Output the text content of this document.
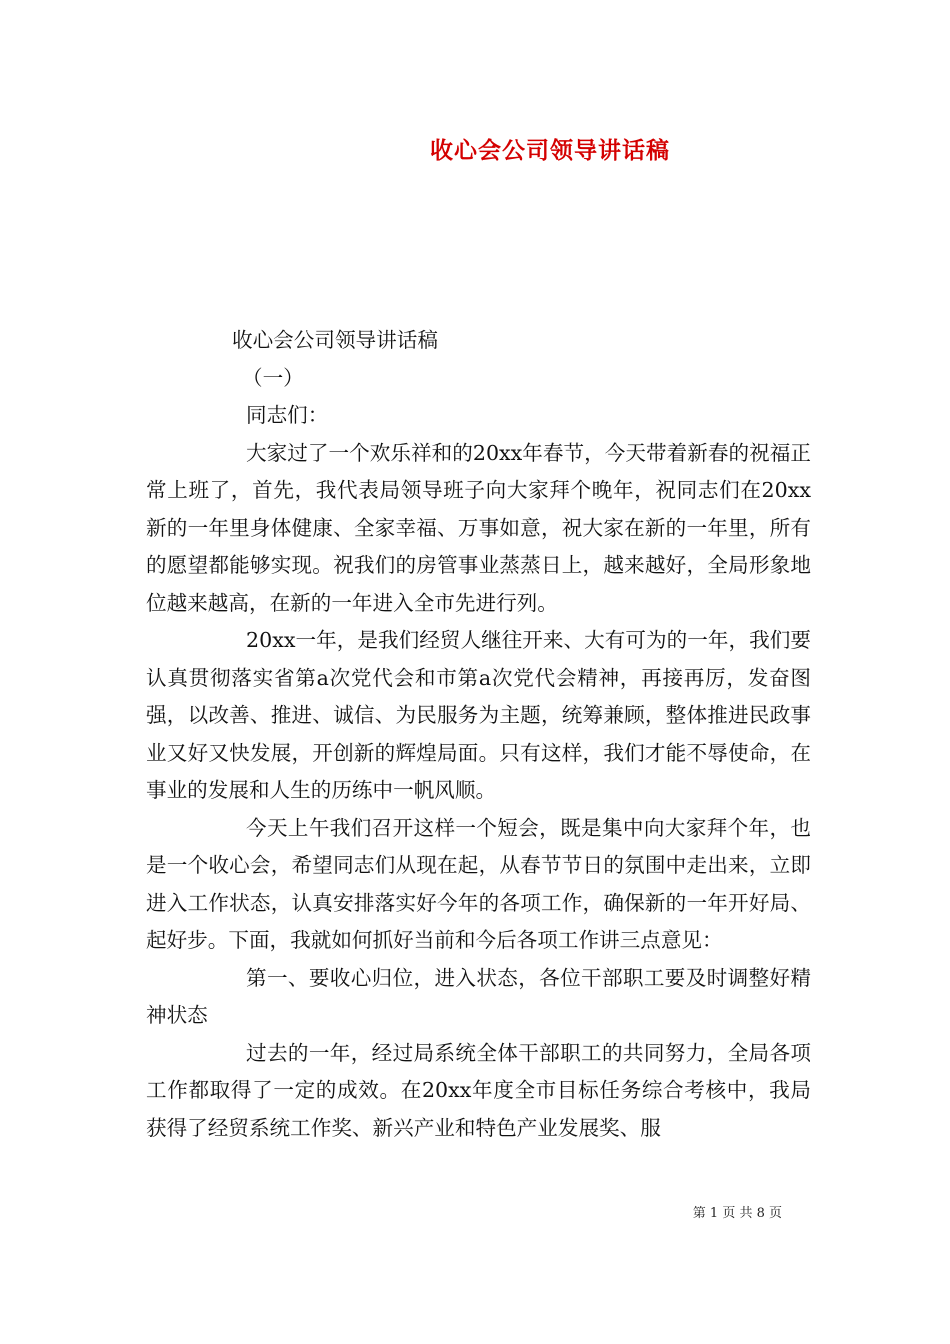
收心会公司领导讲话稿

收心会公司领导讲话稿

（一）

同志们：

大家过了一个欢乐祥和的20xx年春节，今天带着新春的祝福正常上班了，首先，我代表局领导班子向大家拜个晚年，祝同志们在20xx新的一年里身体健康、全家幸福、万事如意，祝大家在新的一年里，所有的愿望都能够实现。祝我们的房管事业蒸蒸日上，越来越好，全局形象地位越来越高，在新的一年进入全市先进行列。

20xx一年，是我们经贸人继往开来、大有可为的一年，我们要认真贯彻落实省第a次党代会和市第a次党代会精神，再接再厉，发奋图强，以改善、推进、诚信、为民服务为主题，统筹兼顾，整体推进民政事业又好又快发展，开创新的辉煌局面。只有这样，我们才能不辱使命，在事业的发展和人生的历练中一帆风顺。

今天上午我们召开这样一个短会，既是集中向大家拜个年，也是一个收心会，希望同志们从现在起，从春节节日的氛围中走出来，立即进入工作状态，认真安排落实好今年的各项工作，确保新的一年开好局、起好步。下面，我就如何抓好当前和今后各项工作讲三点意见：

第一、要收心归位，进入状态，各位干部职工要及时调整好精神状态

过去的一年，经过局系统全体干部职工的共同努力，全局各项工作都取得了一定的成效。在20xx年度全市目标任务综合考核中，我局获得了经贸系统工作奖、新兴产业和特色产业发展奖、服

第 1 页 共 8 页
